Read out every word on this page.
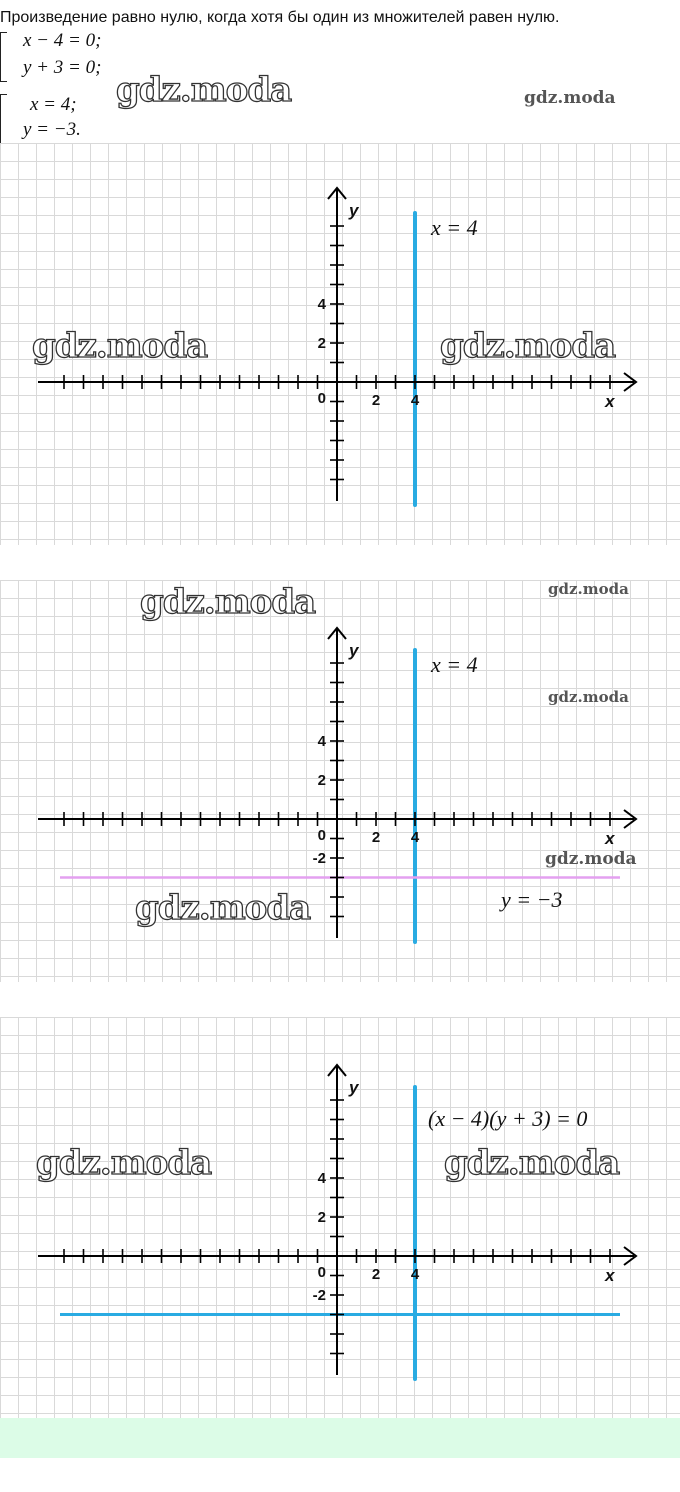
Произведение равно нулю, когда хотя бы один из множителей равен нулю.
x − 4 = 0;
y + 3 = 0;
x = 4;
y = −3.
gdz.moda	gdz.moda
2 4
2
4
0	x
y
x = 4
gdz.moda	gdz.moda
2 4
-2
2
4
0	x
y
x = 4
y = −3
gdz.moda	gdz.moda
gdz.moda
gdz.moda
gdz.moda
2 4
-2
2
4
0	x
y
(x − 4)(y + 3) = 0
gdz.moda	gdz.moda
